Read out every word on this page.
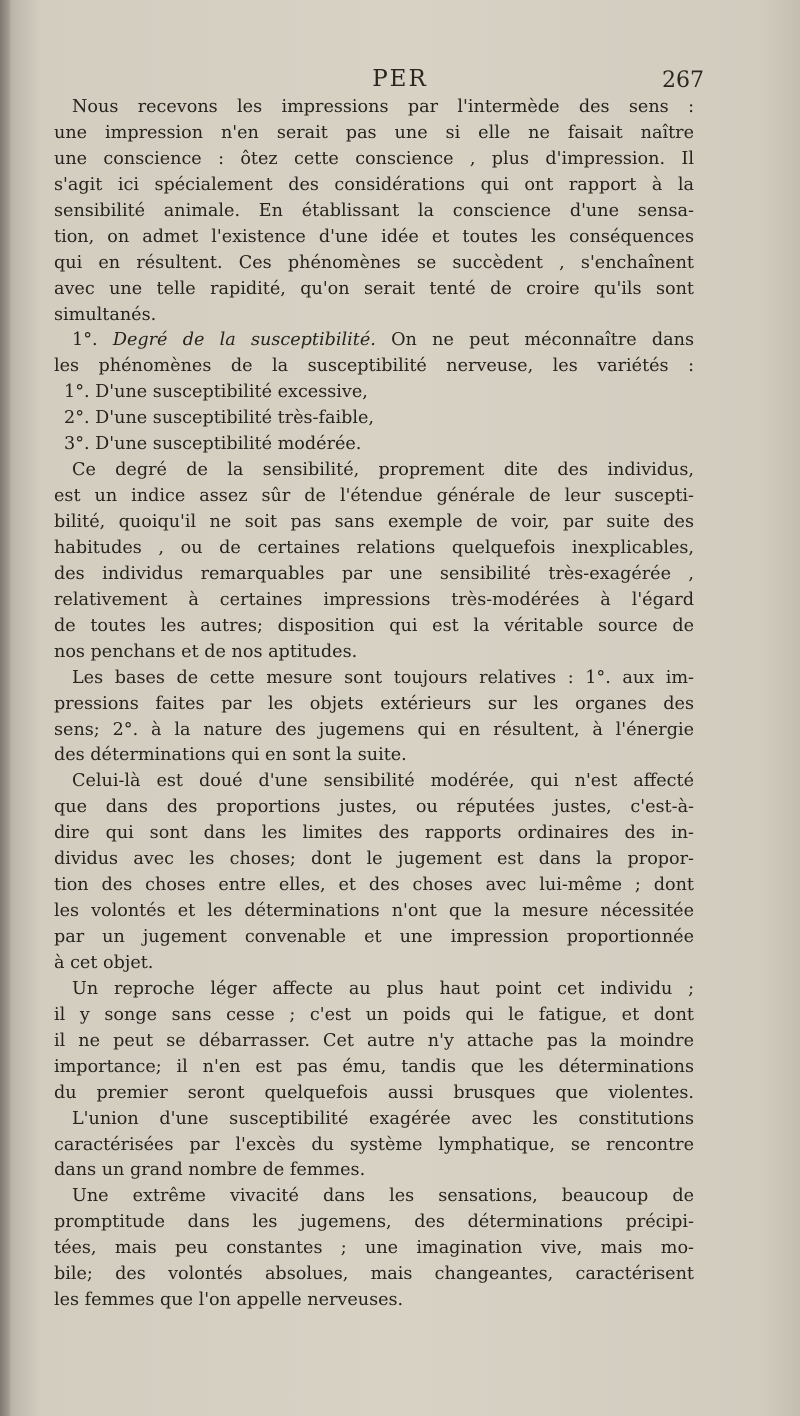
PER	267
Nous recevons les impressions par l'intermède des sens :
une impression n'en serait pas une si elle ne faisait naître
une conscience : ôtez cette conscience , plus d'impression. Il
s'agit ici spécialement des considérations qui ont rapport à la
sensibilité animale. En établissant la conscience d'une sensa-
tion, on admet l'existence d'une idée et toutes les conséquences
qui en résultent. Ces phénomènes se succèdent , s'enchaînent
avec une telle rapidité, qu'on serait tenté de croire qu'ils sont
simultanés.
1°. Degré de la susceptibilité. On ne peut méconnaître dans
les phénomènes de la susceptibilité nerveuse, les variétés :
1°. D'une susceptibilité excessive,
2°. D'une susceptibilité très-faible,
3°. D'une susceptibilité modérée.
Ce degré de la sensibilité, proprement dite des individus,
est un indice assez sûr de l'étendue générale de leur suscepti-
bilité, quoiqu'il ne soit pas sans exemple de voir, par suite des
habitudes , ou de certaines relations quelquefois inexplicables,
des individus remarquables par une sensibilité très-exagérée ,
relativement à certaines impressions très-modérées à l'égard
de toutes les autres; disposition qui est la véritable source de
nos penchans et de nos aptitudes.
Les bases de cette mesure sont toujours relatives : 1°. aux im-
pressions faites par les objets extérieurs sur les organes des
sens; 2°. à la nature des jugemens qui en résultent, à l'énergie
des déterminations qui en sont la suite.
Celui-là est doué d'une sensibilité modérée, qui n'est affecté
que dans des proportions justes, ou réputées justes, c'est-à-
dire qui sont dans les limites des rapports ordinaires des in-
dividus avec les choses; dont le jugement est dans la propor-
tion des choses entre elles, et des choses avec lui-même ; dont
les volontés et les déterminations n'ont que la mesure nécessitée
par un jugement convenable et une impression proportionnée
à cet objet.
Un reproche léger affecte au plus haut point cet individu ;
il y songe sans cesse ; c'est un poids qui le fatigue, et dont
il ne peut se débarrasser. Cet autre n'y attache pas la moindre
importance; il n'en est pas ému, tandis que les déterminations
du premier seront quelquefois aussi brusques que violentes.
L'union d'une susceptibilité exagérée avec les constitutions
caractérisées par l'excès du système lymphatique, se rencontre
dans un grand nombre de femmes.
Une extrême vivacité dans les sensations, beaucoup de
promptitude dans les jugemens, des déterminations précipi-
tées, mais peu constantes ; une imagination vive, mais mo-
bile; des volontés absolues, mais changeantes, caractérisent
les femmes que l'on appelle nerveuses.
